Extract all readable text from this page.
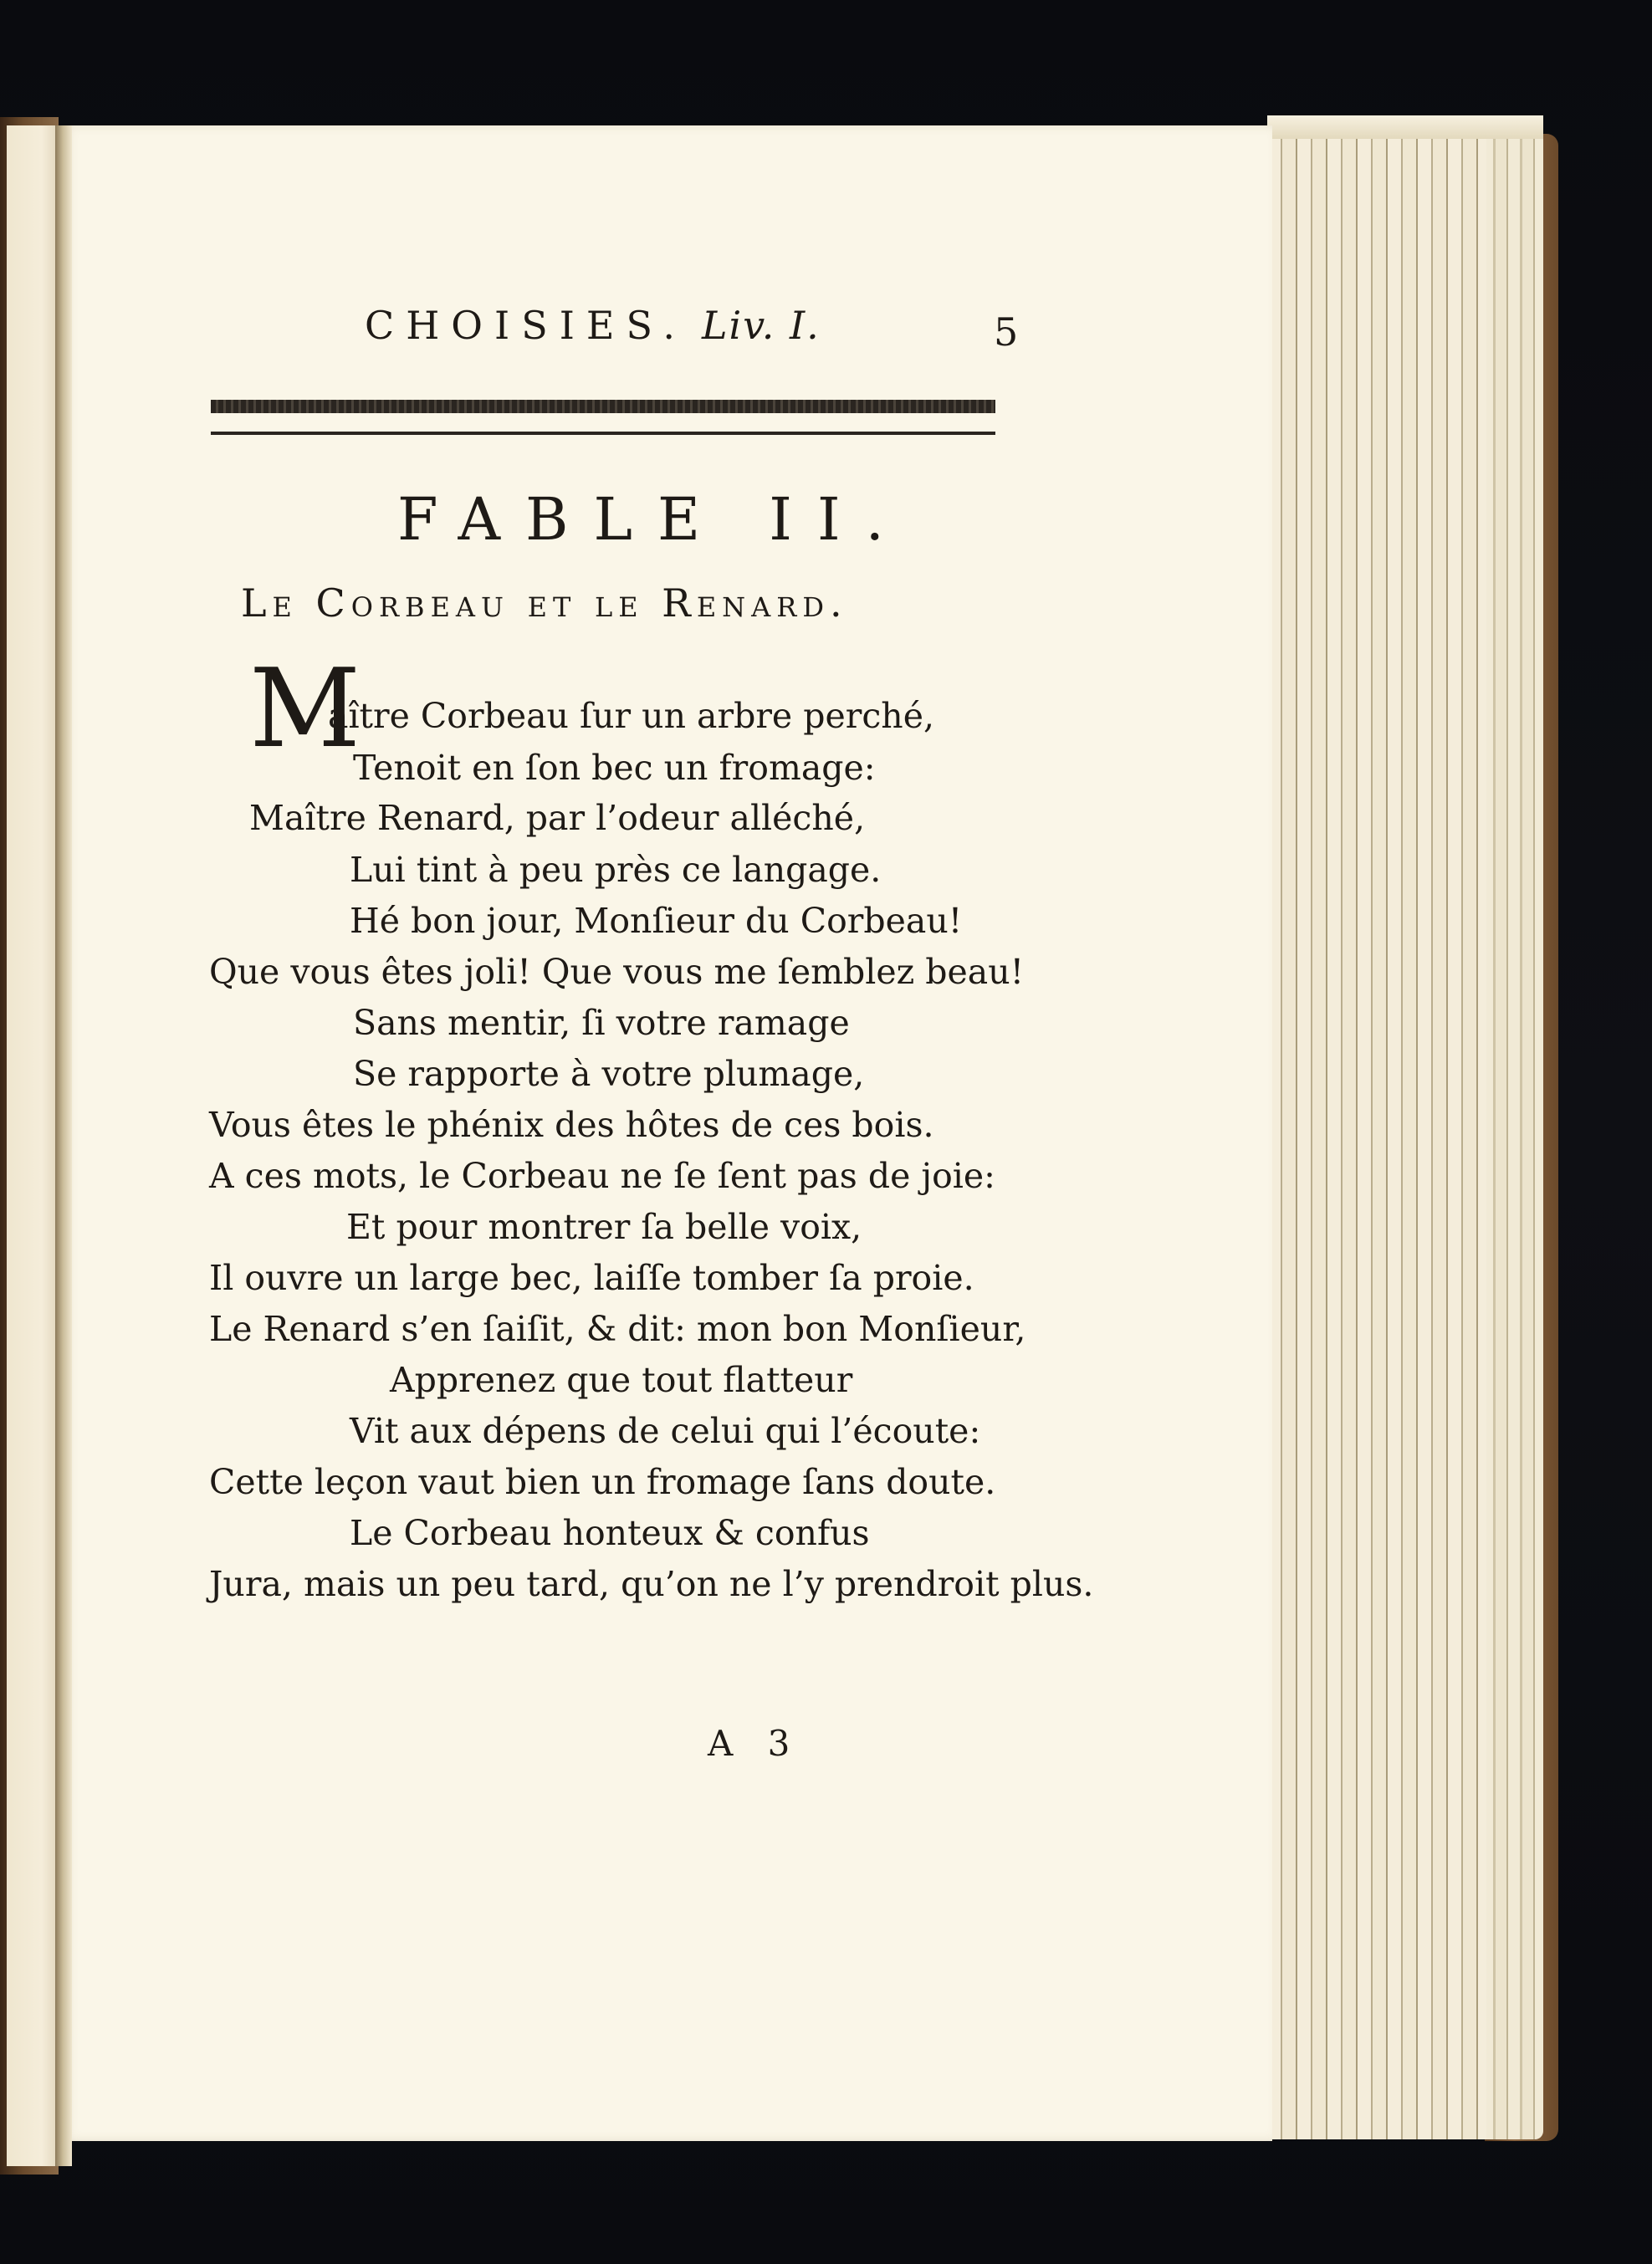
CHOISIES. Liv. I.	5
FABLE II.
Le Corbeau et le Renard.
M
aître Corbeau ſur un arbre perché,
Tenoit en ſon bec un fromage:
Maître Renard, par l’odeur alléché,
Lui tint à peu près ce langage.
Hé bon jour, Monſieur du Corbeau!
Que vous êtes joli! Que vous me ſemblez beau!
Sans mentir, ſi votre ramage
Se rapporte à votre plumage,
Vous êtes le phénix des hôtes de ces bois.
A ces mots, le Corbeau ne ſe ſent pas de joie:
Et pour montrer ſa belle voix,
Il ouvre un large bec, laiſſe tomber ſa proie.
Le Renard s’en ſaiſit, & dit: mon bon Monſieur,
Apprenez que tout flatteur
Vit aux dépens de celui qui l’écoute:
Cette leçon vaut bien un fromage ſans doute.
Le Corbeau honteux & confus
Jura, mais un peu tard, qu’on ne l’y prendroit plus.
A 3
